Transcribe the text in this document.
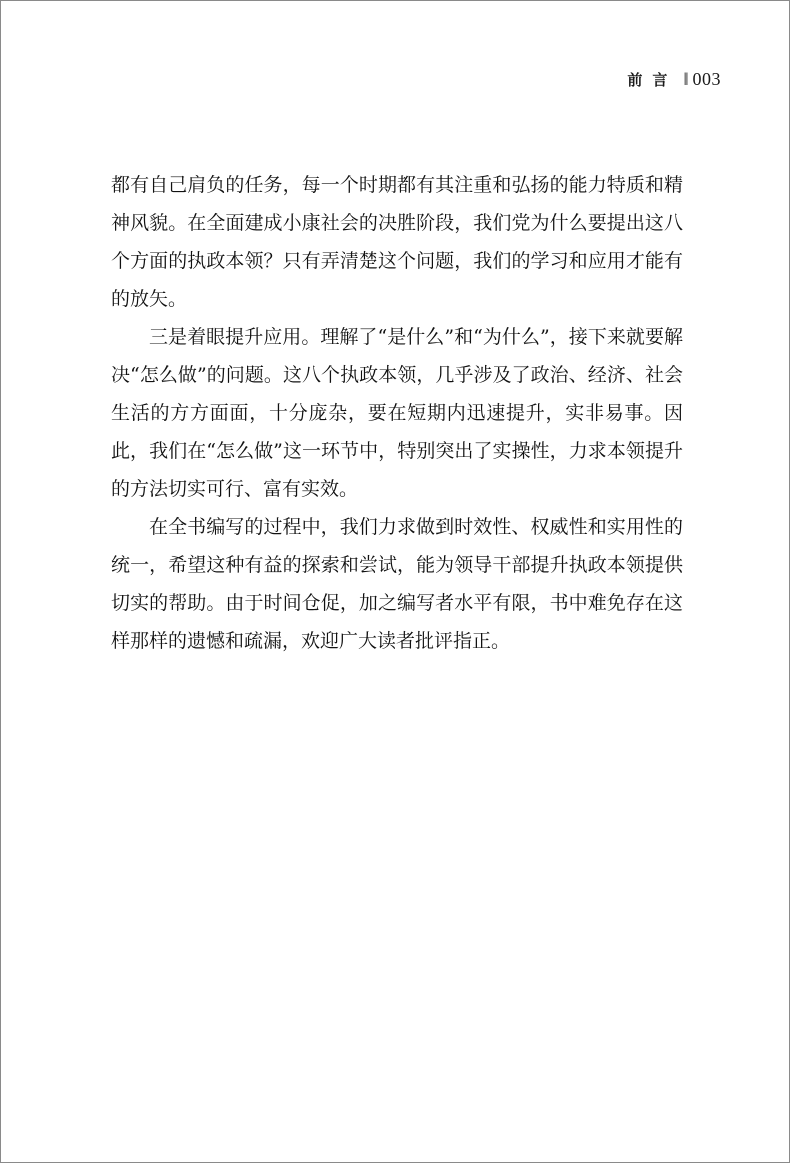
前言 ‖ 003

都有自己肩负的任务，每一个时期都有其注重和弘扬的能力特质和精神风貌。在全面建成小康社会的决胜阶段，我们党为什么要提出这八个方面的执政本领？只有弄清楚这个问题，我们的学习和应用才能有的放矢。

三是着眼提升应用。理解了“是什么”和“为什么”，接下来就要解决“怎么做”的问题。这八个执政本领，几乎涉及了政治、经济、社会生活的方方面面，十分庞杂，要在短期内迅速提升，实非易事。因此，我们在“怎么做”这一环节中，特别突出了实操性，力求本领提升的方法切实可行、富有实效。

在全书编写的过程中，我们力求做到时效性、权威性和实用性的统一，希望这种有益的探索和尝试，能为领导干部提升执政本领提供切实的帮助。由于时间仓促，加之编写者水平有限，书中难免存在这样那样的遗憾和疏漏，欢迎广大读者批评指正。
